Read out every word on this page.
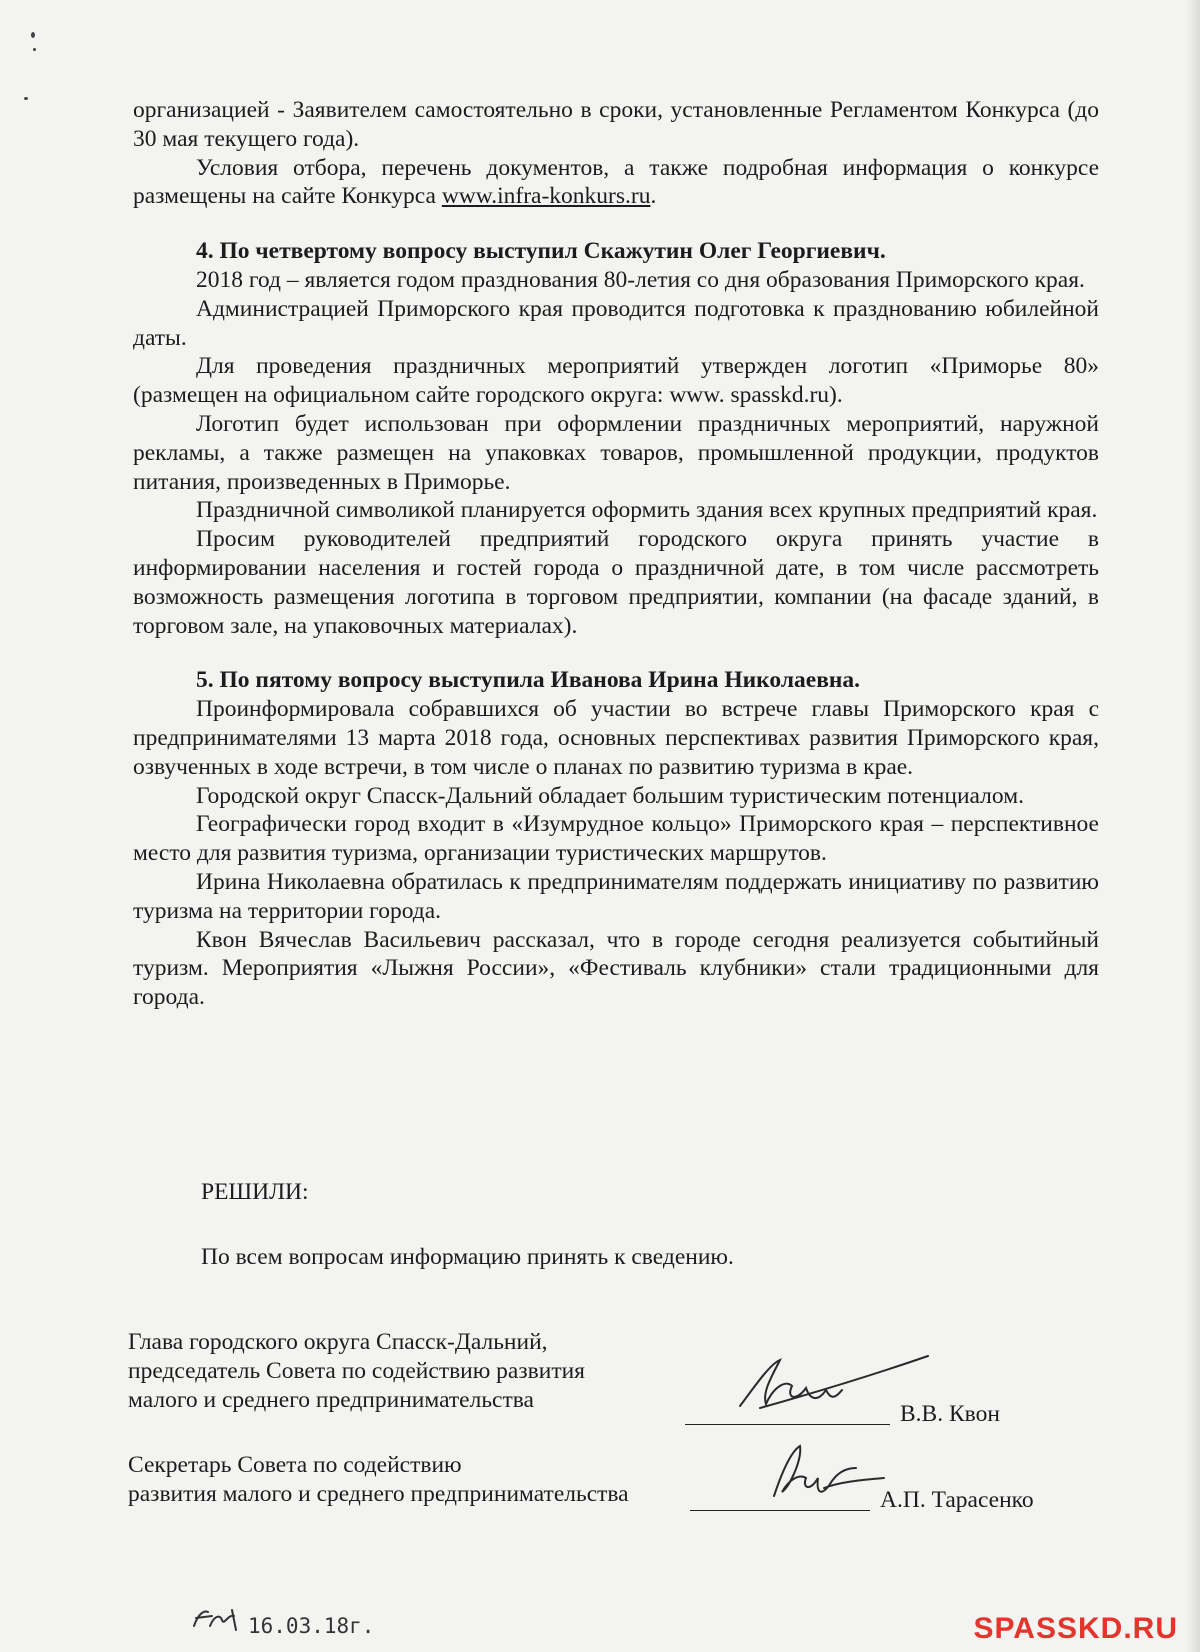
организацией - Заявителем самостоятельно в сроки, установленные Регламентом Конкурса (до 30 мая текущего года).

Условия отбора, перечень документов, а также подробная информация о конкурсе размещены на сайте Конкурса www.infra-konkurs.ru.

4. По четвертому вопросу выступил Скажутин Олег Георгиевич.

2018 год – является годом празднования 80-летия со дня образования Приморского края.

Администрацией Приморского края проводится подготовка к празднованию юбилейной даты.

Для проведения праздничных мероприятий утвержден логотип «Приморье 80» (размещен на официальном сайте городского округа: www. spasskd.ru).

Логотип будет использован при оформлении праздничных мероприятий, наружной рекламы, а также размещен на упаковках товаров, промышленной продукции, продуктов питания, произведенных в Приморье.

Праздничной символикой планируется оформить здания всех крупных предприятий края.

Просим руководителей предприятий городского округа принять участие в информировании населения и гостей города о праздничной дате, в том числе рассмотреть возможность размещения логотипа в торговом предприятии, компании (на фасаде зданий, в торговом зале, на упаковочных материалах).

5. По пятому вопросу выступила Иванова Ирина Николаевна.

Проинформировала собравшихся об участии во встрече главы Приморского края с предпринимателями 13 марта 2018 года, основных перспективах развития Приморского края, озвученных в ходе встречи, в том числе о планах по развитию туризма в крае.

Городской округ Спасск-Дальний обладает большим туристическим потенциалом.

Географически город входит в «Изумрудное кольцо» Приморского края – перспективное место для развития туризма, организации туристических маршрутов.

Ирина Николаевна обратилась к предпринимателям поддержать инициативу по развитию туризма на территории города.

Квон Вячеслав Васильевич рассказал, что в городе сегодня реализуется событийный туризм. Мероприятия «Лыжня России», «Фестиваль клубники» стали традиционными для города.

РЕШИЛИ:

По всем вопросам информацию принять к сведению.

Глава городского округа Спасск-Дальний,
председатель Совета по содействию развития
малого и среднего предпринимательства
В.В. Квон
Секретарь Совета по содействию
развития малого и среднего предпринимательства	А.П. Тарасенко
16.03.18г.	SPASSKD.RU
